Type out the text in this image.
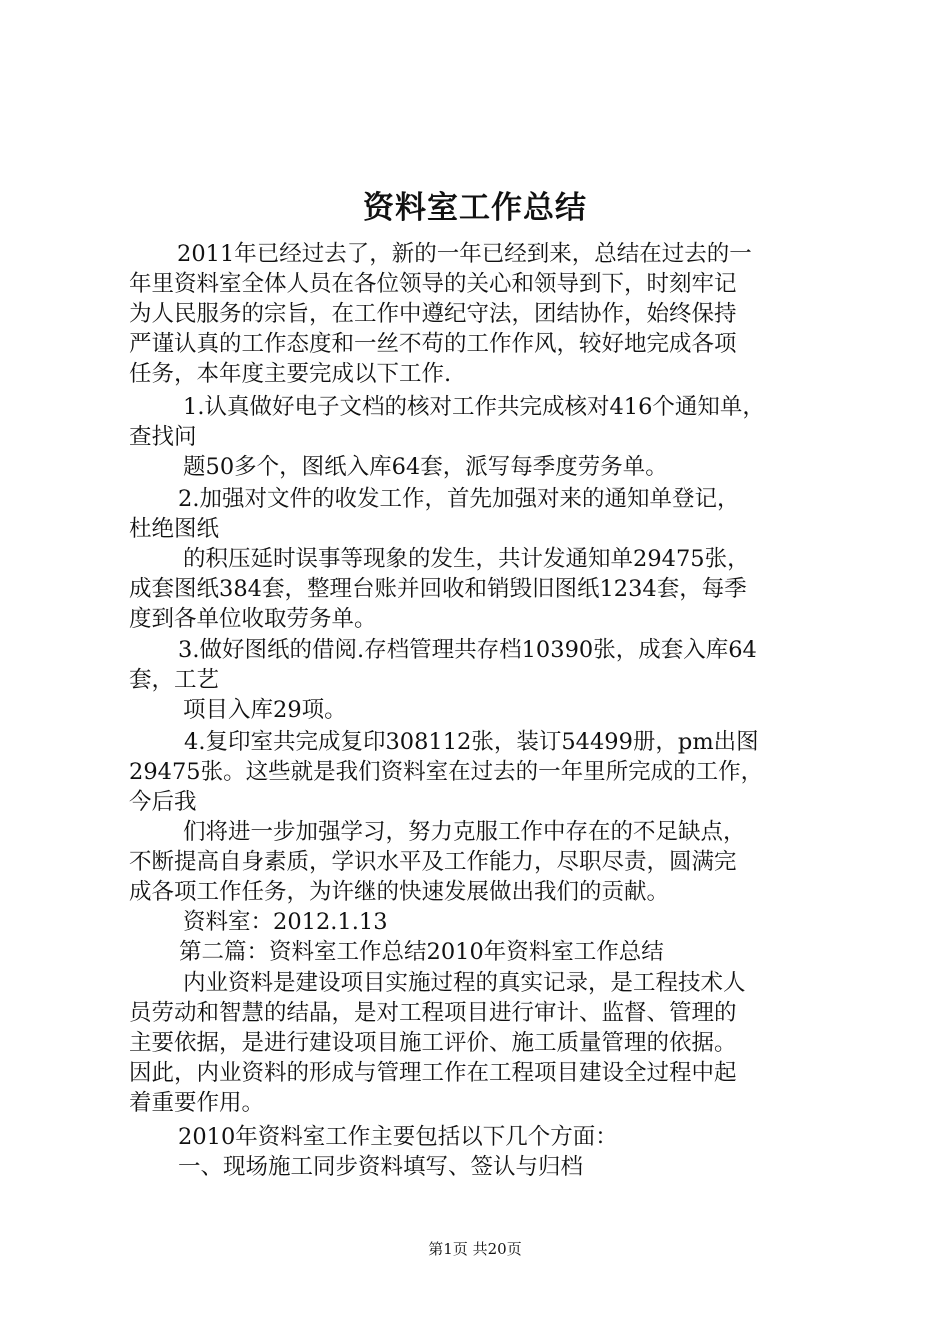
资料室工作总结
2011年已经过去了，新的一年已经到来，总结在过去的一
年里资料室全体人员在各位领导的关心和领导到下，时刻牢记
为人民服务的宗旨，在工作中遵纪守法，团结协作，始终保持
严谨认真的工作态度和一丝不苟的工作作风，较好地完成各项
任务，本年度主要完成以下工作.
1.认真做好电子文档的核对工作共完成核对416个通知单，
查找问
题50多个，图纸入库64套，派写每季度劳务单。
2.加强对文件的收发工作，首先加强对来的通知单登记，
杜绝图纸
的积压延时误事等现象的发生，共计发通知单29475张，
成套图纸384套，整理台账并回收和销毁旧图纸1234套，每季
度到各单位收取劳务单。
3.做好图纸的借阅.存档管理共存档10390张，成套入库64
套，工艺
项目入库29项。
4.复印室共完成复印308112张，装订54499册，pm出图
29475张。这些就是我们资料室在过去的一年里所完成的工作，
今后我
们将进一步加强学习，努力克服工作中存在的不足缺点，
不断提高自身素质，学识水平及工作能力，尽职尽责，圆满完
成各项工作任务，为许继的快速发展做出我们的贡献。
资料室：2012.1.13
第二篇：资料室工作总结2010年资料室工作总结
内业资料是建设项目实施过程的真实记录，是工程技术人
员劳动和智慧的结晶，是对工程项目进行审计、监督、管理的
主要依据，是进行建设项目施工评价、施工质量管理的依据。
因此，内业资料的形成与管理工作在工程项目建设全过程中起
着重要作用。
2010年资料室工作主要包括以下几个方面：
一、现场施工同步资料填写、签认与归档
第1页 共20页
